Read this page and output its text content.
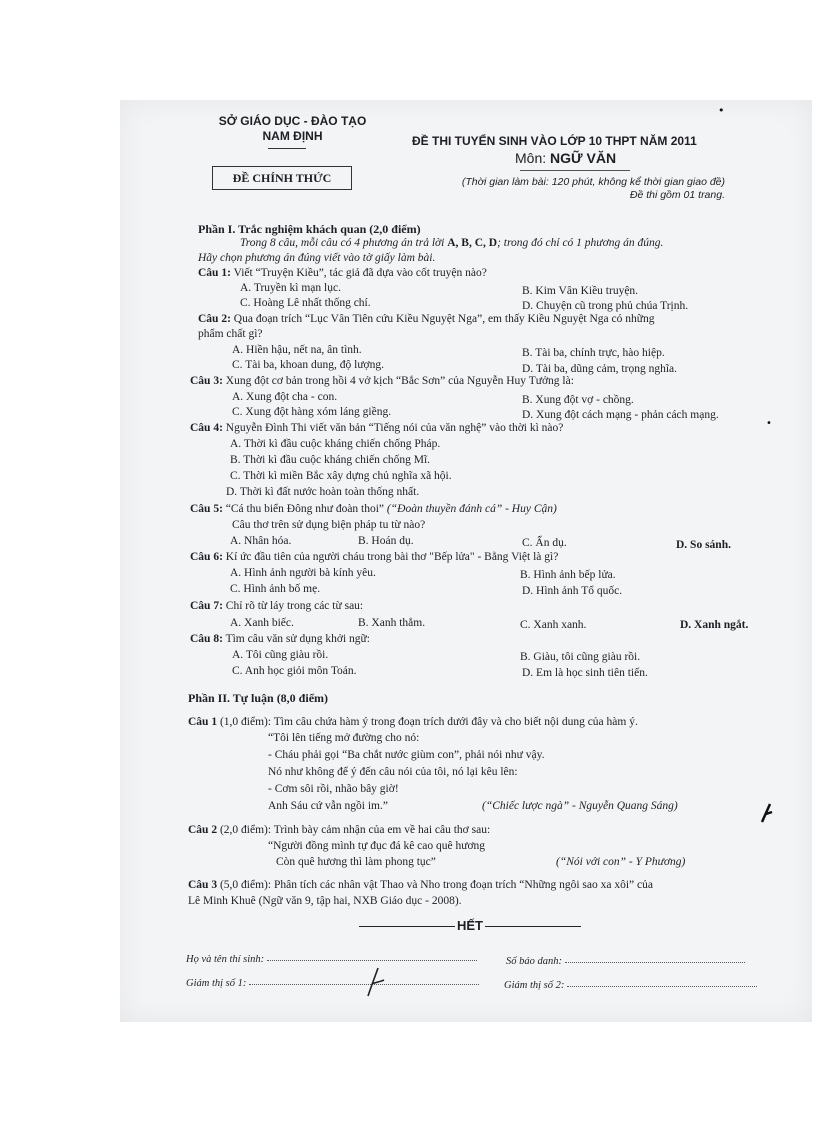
SỞ GIÁO DỤC - ĐÀO TẠO
NAM ĐỊNH	ĐỀ THI TUYỂN SINH VÀO LỚP 10 THPT NĂM 2011
Môn: NGỮ VĂN
ĐỀ CHÍNH THỨC	(Thời gian làm bài: 120 phút, không kể thời gian giao đề)
Đề thi gồm 01 trang.
Phần I. Trắc nghiệm khách quan (2,0 điểm)
Trong 8 câu, mỗi câu có 4 phương án trả lời A, B, C, D; trong đó chỉ có 1 phương án đúng.
Hãy chọn phương án đúng viết vào tờ giấy làm bài.
Câu 1: Viết “Truyện Kiều”, tác giả đã dựa vào cốt truyện nào?
A. Truyền kì mạn lục.	B. Kim Vân Kiều truyện.
C. Hoàng Lê nhất thống chí.	D. Chuyện cũ trong phủ chúa Trịnh.
Câu 2: Qua đoạn trích “Lục Vân Tiên cứu Kiều Nguyệt Nga”, em thấy Kiều Nguyệt Nga có những
phẩm chất gì?
A. Hiền hậu, nết na, ân tình.	B. Tài ba, chính trực, hào hiệp.
C. Tài ba, khoan dung, độ lượng.	D. Tài ba, dũng cảm, trọng nghĩa.
Câu 3: Xung đột cơ bản trong hồi 4 vở kịch “Bắc Sơn” của Nguyễn Huy Tưởng là:
A. Xung đột cha - con.	B. Xung đột vợ - chồng.
C. Xung đột hàng xóm láng giềng.	D. Xung đột cách mạng - phản cách mạng.
Câu 4: Nguyễn Đình Thi viết văn bản “Tiếng nói của văn nghệ” vào thời kì nào?
A. Thời kì đầu cuộc kháng chiến chống Pháp.
B. Thời kì đầu cuộc kháng chiến chống Mĩ.
C. Thời kì miền Bắc xây dựng chủ nghĩa xã hội.
D. Thời kì đất nước hoàn toàn thống nhất.
Câu 5: “Cá thu biển Đông như đoàn thoi” (“Đoàn thuyền đánh cá” - Huy Cận)
Câu thơ trên sử dụng biện pháp tu từ nào?
A. Nhân hóa.	B. Hoán dụ.	C. Ẩn dụ.	D. So sánh.
Câu 6: Kí ức đầu tiên của người cháu trong bài thơ "Bếp lửa" - Bằng Việt là gì?
A. Hình ảnh người bà kính yêu.	B. Hình ảnh bếp lửa.
C. Hình ảnh bố mẹ.	D. Hình ảnh Tổ quốc.
Câu 7: Chỉ rõ từ láy trong các từ sau:
A. Xanh biếc.	B. Xanh thẳm.	C. Xanh xanh.	D. Xanh ngắt.
Câu 8: Tìm câu văn sử dụng khởi ngữ:
A. Tôi cũng giàu rồi.	B. Giàu, tôi cũng giàu rồi.
C. Anh học giỏi môn Toán.	D. Em là học sinh tiên tiến.
Phần II. Tự luận (8,0 điểm)
Câu 1 (1,0 điểm): Tìm câu chứa hàm ý trong đoạn trích dưới đây và cho biết nội dung của hàm ý.
“Tôi lên tiếng mở đường cho nó:
- Cháu phải gọi “Ba chắt nước giùm con”, phải nói như vậy.
Nó như không để ý đến câu nói của tôi, nó lại kêu lên:
- Cơm sôi rồi, nhão bây giờ!
Anh Sáu cứ vẫn ngồi im.”	(“Chiếc lược ngà” - Nguyễn Quang Sáng)
Câu 2 (2,0 điểm): Trình bày cảm nhận của em về hai câu thơ sau:
“Người đồng mình tự đục đá kê cao quê hương
Còn quê hương thì làm phong tục”	(“Nói với con” - Y Phương)
Câu 3 (5,0 điểm): Phân tích các nhân vật Thao và Nho trong đoạn trích “Những ngôi sao xa xôi” của
Lê Minh Khuê (Ngữ văn 9, tập hai, NXB Giáo dục - 2008).
HẾT
Họ và tên thí sinh:	Số báo danh:
Giám thị số 1:	Giám thị số 2:
•
•
